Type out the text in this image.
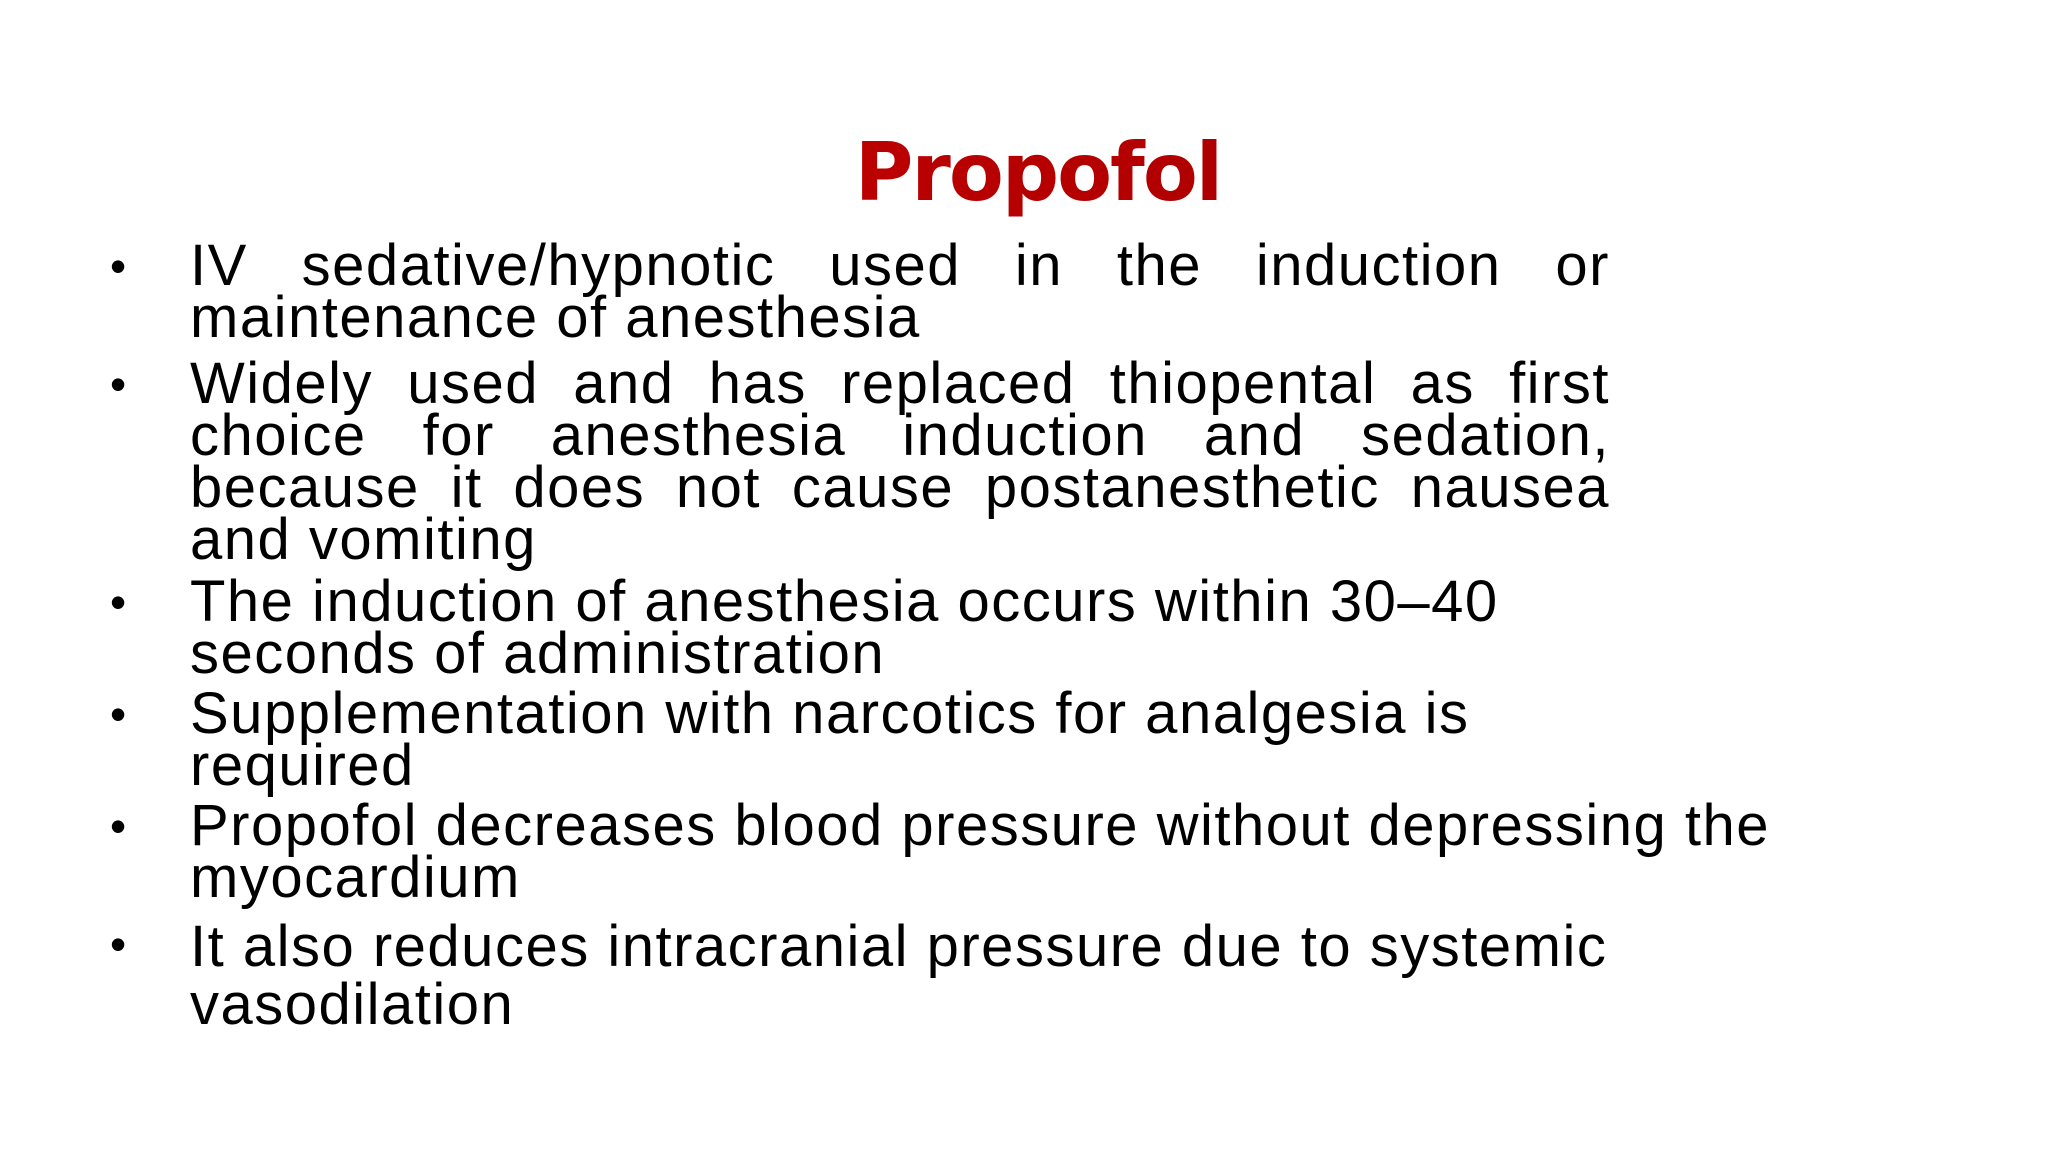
Propofol
• IV sedative/hypnotic used in the induction or maintenance of anesthesia
• Widely used and has replaced thiopental as first choice for anesthesia induction and sedation, because it does not cause postanesthetic nausea and vomiting
• The induction of anesthesia occurs within 30–40 seconds of administration
• Supplementation with narcotics for analgesia is required
• Propofol decreases blood pressure without depressing the myocardium
• It also reduces intracranial pressure due to systemic vasodilation
